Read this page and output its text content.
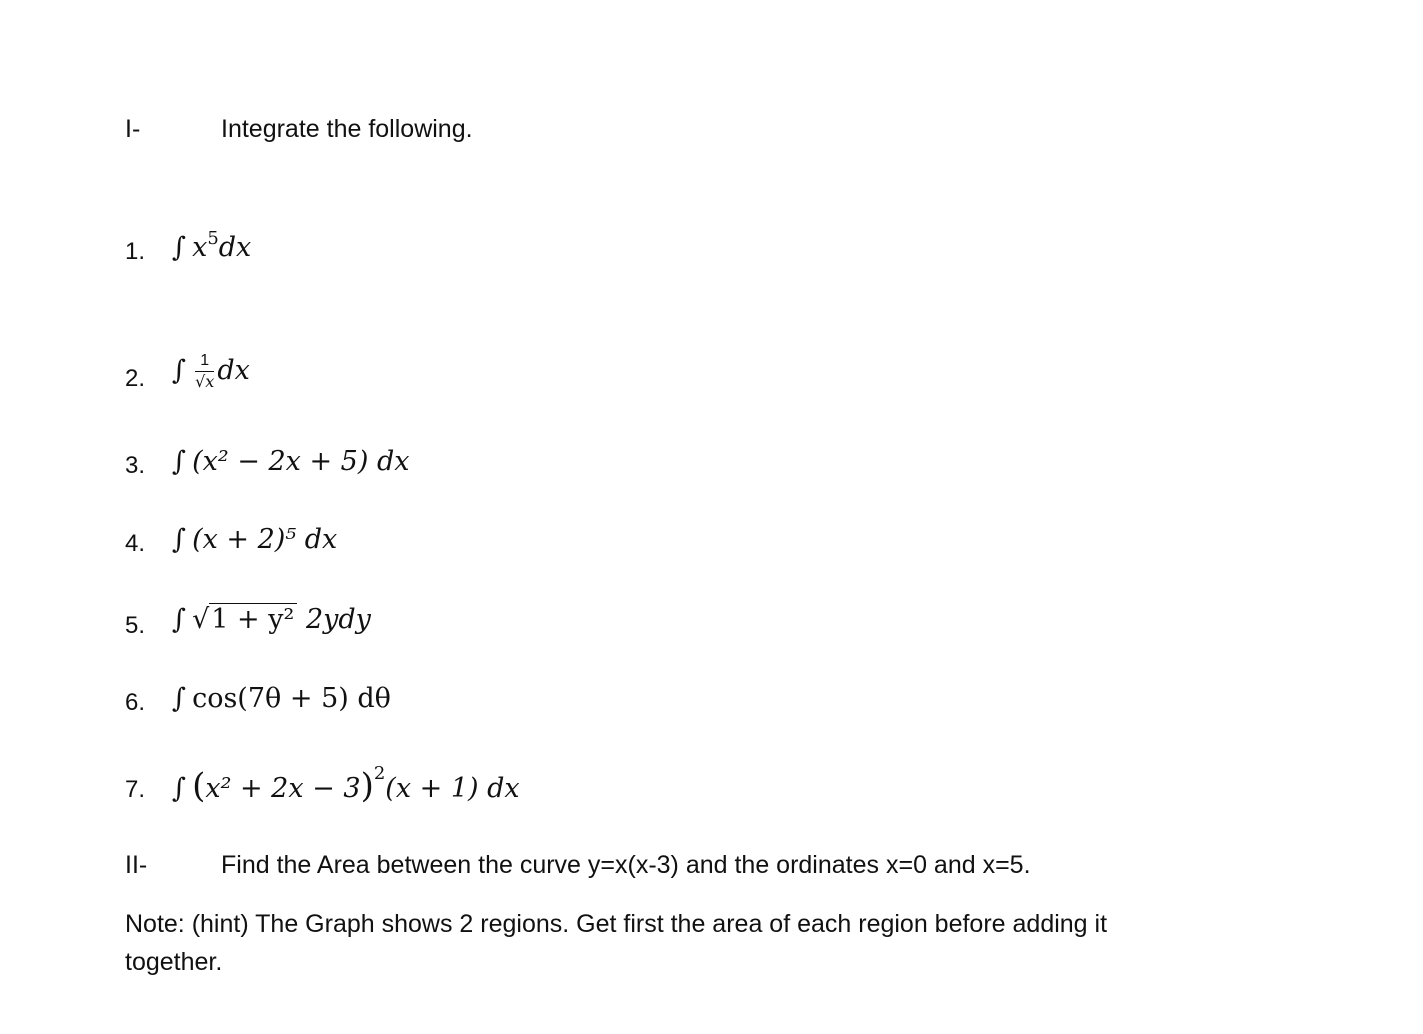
I-	Integrate the following.
1. ∫ $x^5dx$
2. ∫ $\frac{1}{√x}$ dx
3. ∫ (x² − 2x + 5) dx
4. ∫ (x + 2)⁵ dx
5. ∫ √1 + y² 2ydy
6. ∫ cos(7θ + 5) dθ
7. ∫ $(x^2 + 2x - 3)^2(x + 1)$ dx
II-	Find the Area between the curve y=x(x-3) and the ordinates x=0 and x=5.
Note: (hint) The Graph shows 2 regions. Get first the area of each region before adding it
together.
